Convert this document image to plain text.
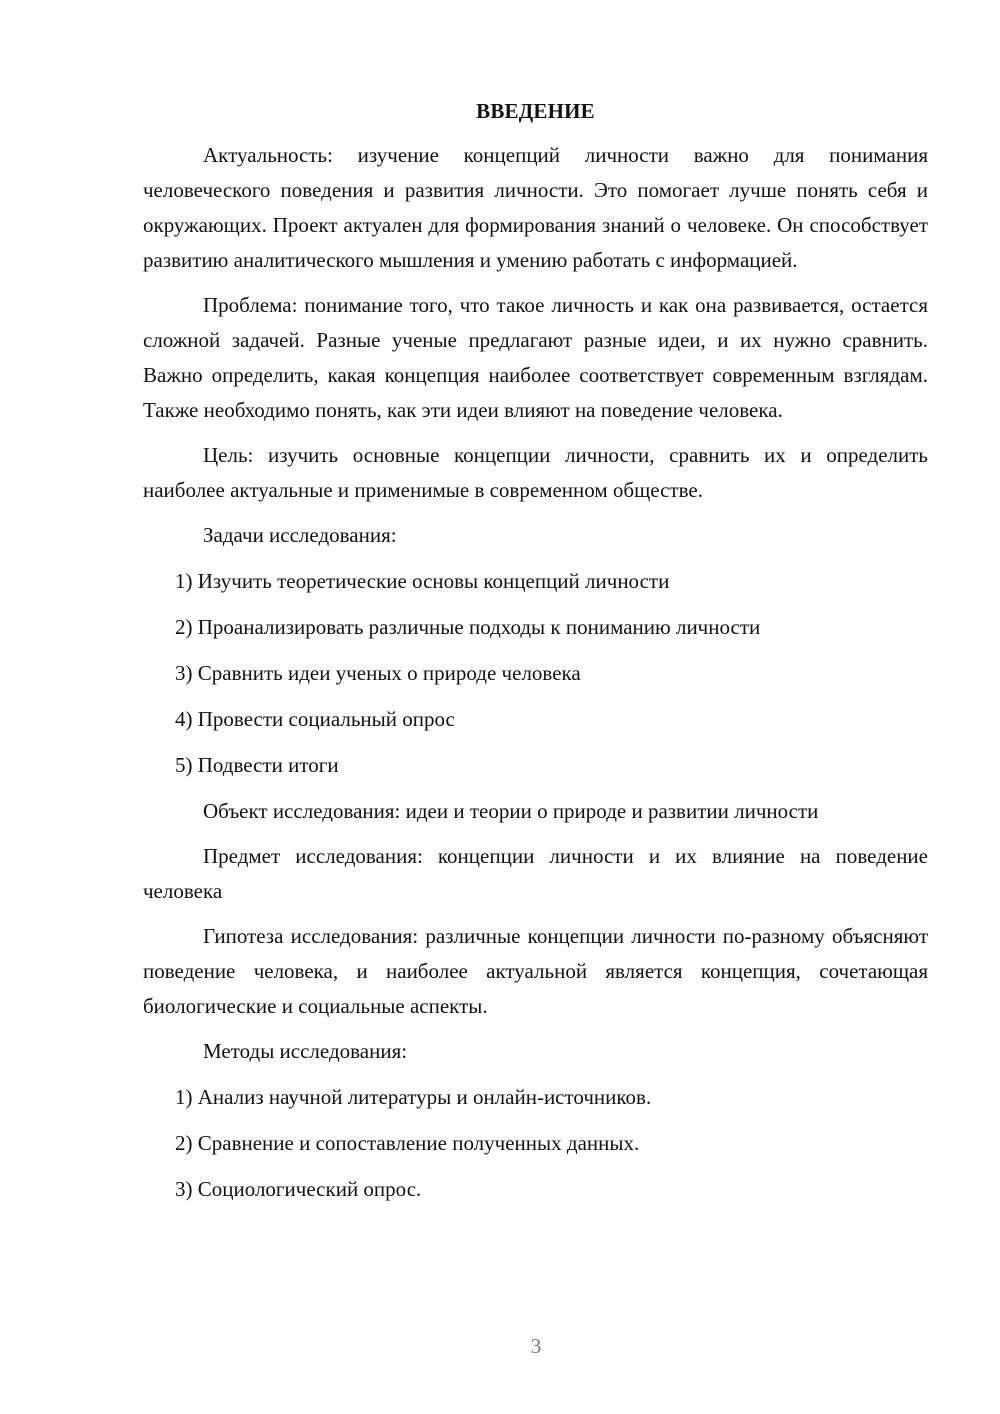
ВВЕДЕНИЕ

Актуальность: изучение концепций личности важно для понимания человеческого поведения и развития личности. Это помогает лучше понять себя и окружающих. Проект актуален для формирования знаний о человеке. Он способствует развитию аналитического мышления и умению работать с информацией.

Проблема: понимание того, что такое личность и как она развивается, остается сложной задачей. Разные ученые предлагают разные идеи, и их нужно сравнить. Важно определить, какая концепция наиболее соответствует современным взглядам. Также необходимо понять, как эти идеи влияют на поведение человека.

Цель: изучить основные концепции личности, сравнить их и определить наиболее актуальные и применимые в современном обществе.

Задачи исследования:
1) Изучить теоретические основы концепций личности
2) Проанализировать различные подходы к пониманию личности
3) Сравнить идеи ученых о природе человека
4) Провести социальный опрос
5) Подвести итоги

Объект исследования: идеи и теории о природе и развитии личности

Предмет исследования: концепции личности и их влияние на поведение человека

Гипотеза исследования: различные концепции личности по-разному объясняют поведение человека, и наиболее актуальной является концепция, сочетающая биологические и социальные аспекты.

Методы исследования:
1) Анализ научной литературы и онлайн-источников.
2) Сравнение и сопоставление полученных данных.
3) Социологический опрос.
3
